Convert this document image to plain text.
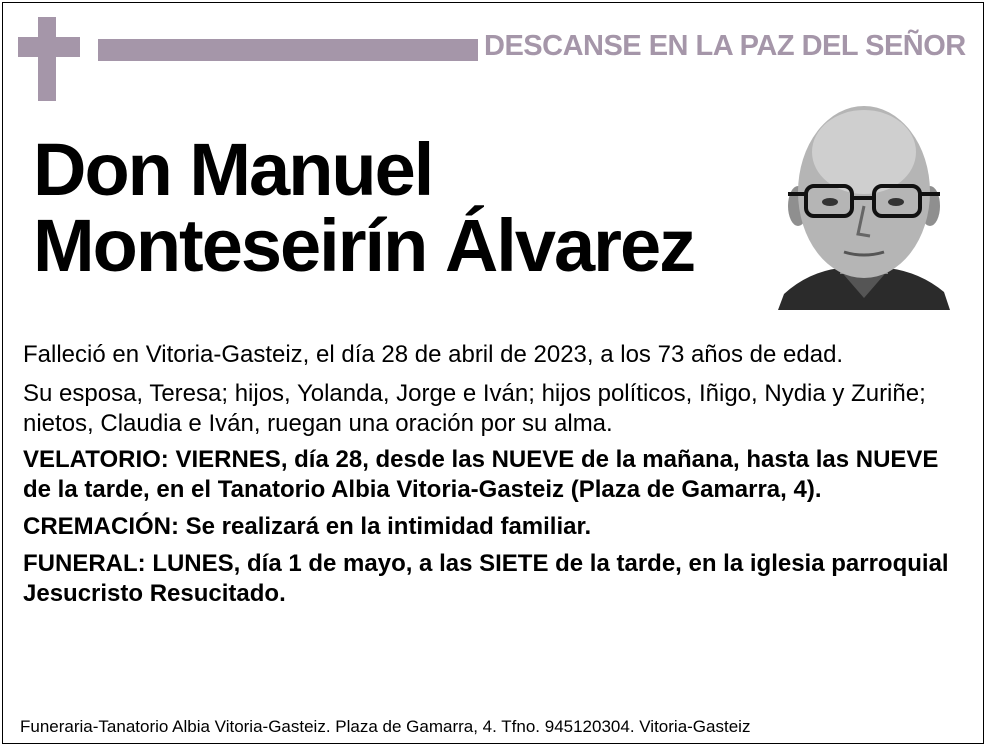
DESCANSE EN LA PAZ DEL SEÑOR
Don Manuel
Monteseirín Álvarez

Falleció en Vitoria-Gasteiz, el día 28 de abril de 2023, a los 73 años de edad.

Su esposa, Teresa; hijos, Yolanda, Jorge e Iván; hijos políticos, Iñigo, Nydia y Zuriñe; nietos, Claudia e Iván, ruegan una oración por su alma.

VELATORIO: VIERNES, día 28, desde las NUEVE de la mañana, hasta las NUEVE de la tarde, en el Tanatorio Albia Vitoria-Gasteiz (Plaza de Gamarra, 4).

CREMACIÓN: Se realizará en la intimidad familiar.

FUNERAL: LUNES, día 1 de mayo, a las SIETE de la tarde, en la iglesia parroquial Jesucristo Resucitado.

Funeraria-Tanatorio Albia Vitoria-Gasteiz. Plaza de Gamarra, 4. Tfno. 945120304. Vitoria-Gasteiz
